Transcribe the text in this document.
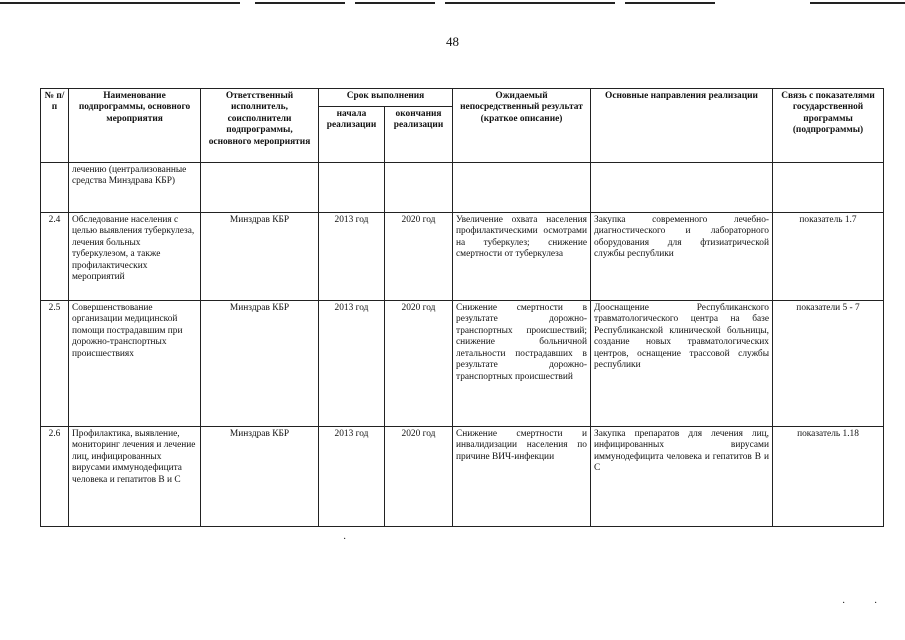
48
№ п/п	Наименование подпрограммы, основного мероприятия	Ответственный исполнитель, соисполнители подпрограммы, основного мероприятия	Срок выполнения		Ожидаемый непосредственный результат (краткое описание)	Основные направления реализации	Связь с показателями государственной программы (подпрограммы)
			начала реализации	окончания реализации			
	лечению (централизованные средства Минздрава КБР)						
2.4	Обследование населения с целью выявления туберкулеза, лечения больных туберкулезом, а также профилактических мероприятий	Минздрав КБР	2013 год	2020 год	Увеличение охвата населения профилактическими осмотрами на туберкулез; снижение смертности от туберкулеза	Закупка современного лечебно-диагностического и лабораторного оборудования для фтизиатрической службы республики	показатель 1.7
2.5	Совершенствование организации медицинской помощи пострадавшим при дорожно-транспортных происшествиях	Минздрав КБР	2013 год	2020 год	Снижение смертности в результате дорожно-транспортных происшествий; снижение больничной летальности пострадавших в результате дорожно-транспортных происшествий	Дооснащение Республиканского травматологического центра на базе Республиканской клинической больницы, создание новых травматологических центров, оснащение трассовой службы республики	показатели 5 - 7
2.6	Профилактика, выявление, мониторинг лечения и лечение лиц, инфицированных вирусами иммунодефицита человека и гепатитов В и С	Минздрав КБР	2013 год	2020 год	Снижение смертности и инвалидизации населения по причине ВИЧ-инфекции	Закупка препаратов для лечения лиц, инфицированных вирусами иммунодефицита человека и гепатитов В и С	показатель 1.18
·
·	·
